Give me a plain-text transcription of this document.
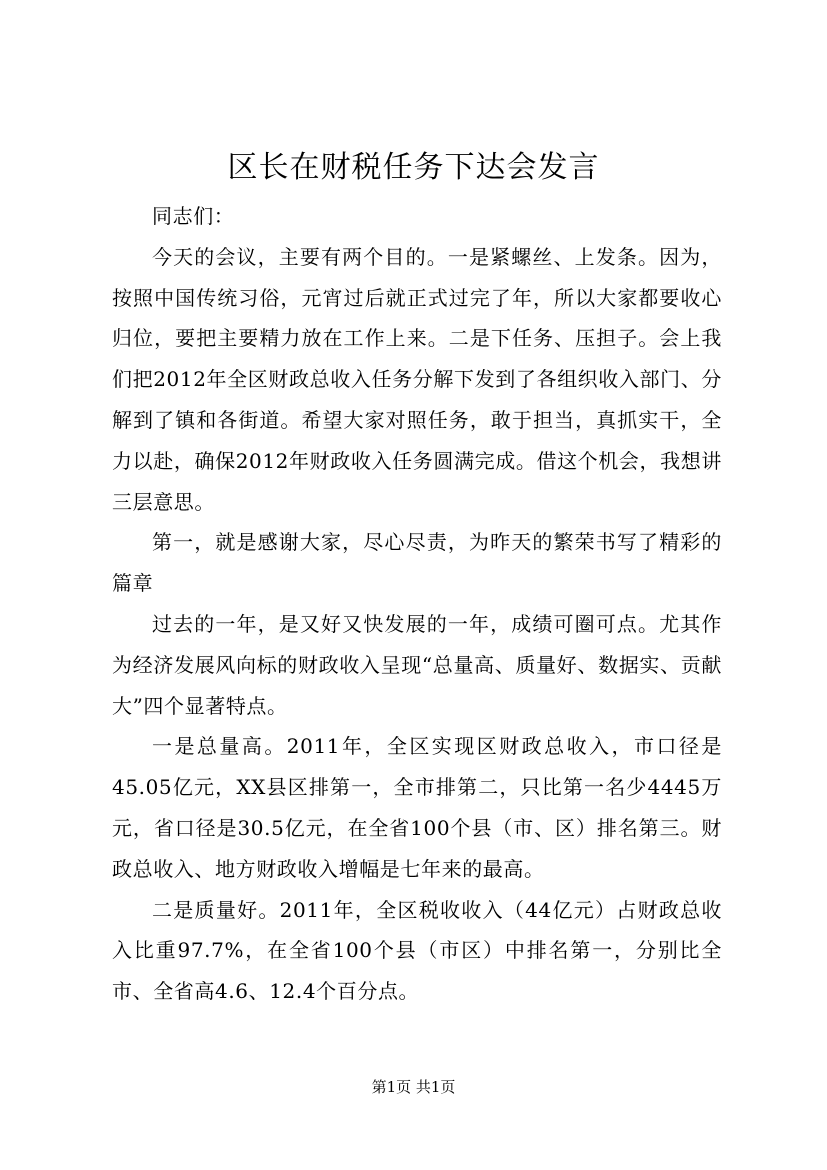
区长在财税任务下达会发言

同志们：

今天的会议，主要有两个目的。一是紧螺丝、上发条。因为，按照中国传统习俗，元宵过后就正式过完了年，所以大家都要收心归位，要把主要精力放在工作上来。二是下任务、压担子。会上我们把2012年全区财政总收入任务分解下发到了各组织收入部门、分解到了镇和各街道。希望大家对照任务，敢于担当，真抓实干，全力以赴，确保2012年财政收入任务圆满完成。借这个机会，我想讲三层意思。

第一，就是感谢大家，尽心尽责，为昨天的繁荣书写了精彩的篇章

过去的一年，是又好又快发展的一年，成绩可圈可点。尤其作为经济发展风向标的财政收入呈现“总量高、质量好、数据实、贡献大”四个显著特点。

一是总量高。2011年，全区实现区财政总收入，市口径是45.05亿元，XX县区排第一，全市排第二，只比第一名少4445万元，省口径是30.5亿元，在全省100个县（市、区）排名第三。财政总收入、地方财政收入增幅是七年来的最高。

二是质量好。2011年，全区税收收入（44亿元）占财政总收入比重97.7%，在全省100个县（市区）中排名第一，分别比全市、全省高4.6、12.4个百分点。

第1页 共1页
